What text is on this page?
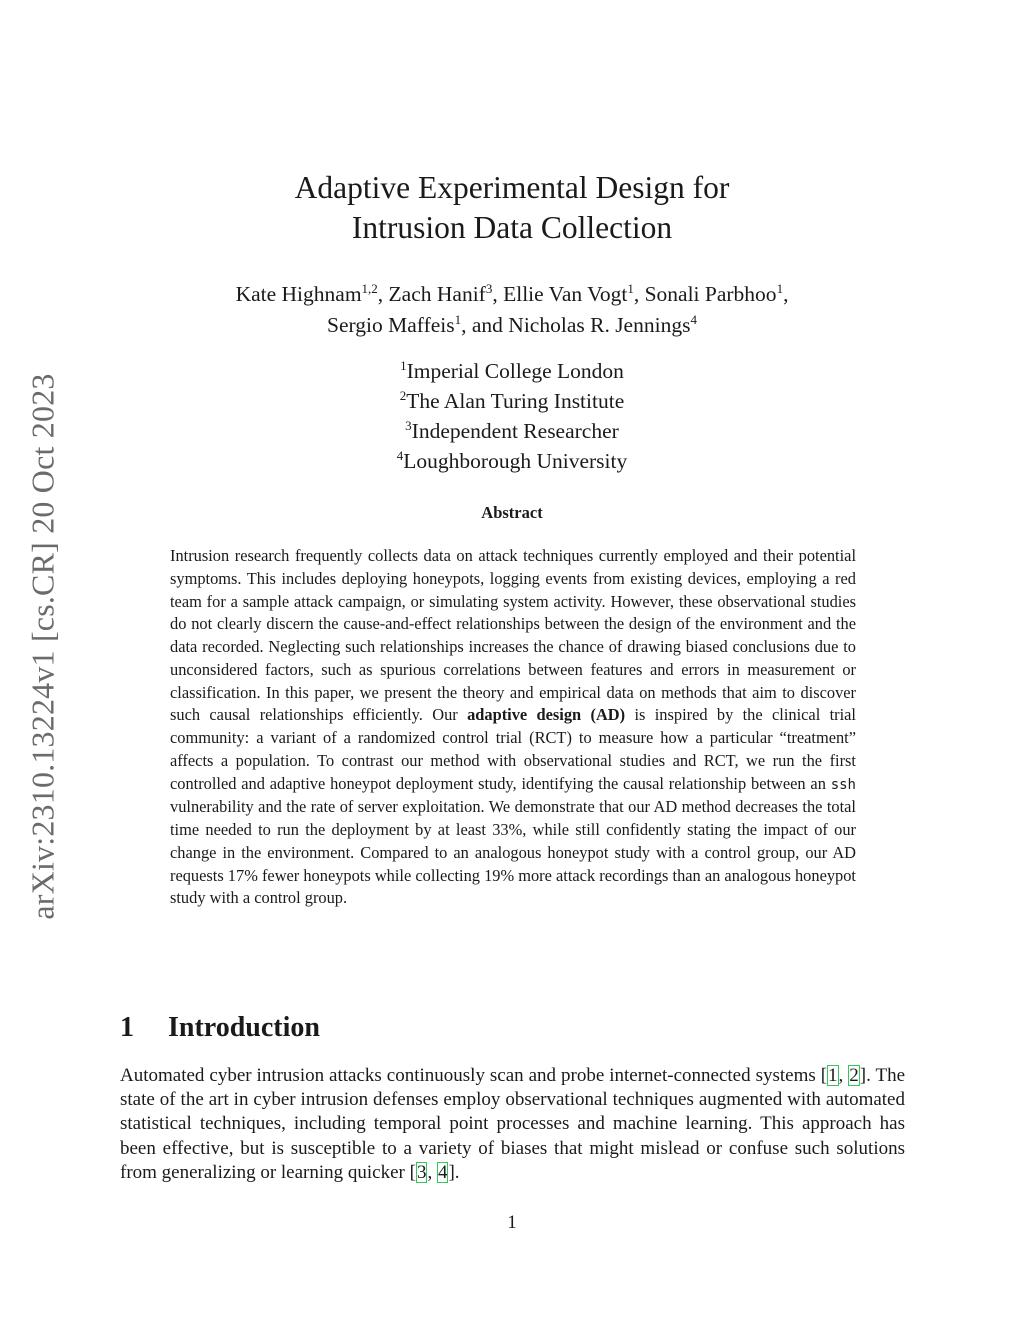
arXiv:2310.13224v1 [cs.CR] 20 Oct 2023
Adaptive Experimental Design for
Intrusion Data Collection
Kate Highnam$^{1,2}$, Zach Hanif$^3$, Ellie Van Vogt$^1$, Sonali Parbhoo$^1$,
Sergio Maffeis$^1$, and Nicholas R. Jennings$^4$
$^1$Imperial College London
$^2$The Alan Turing Institute
$^3$Independent Researcher
$^4$Loughborough University
Abstract

Intrusion research frequently collects data on attack techniques currently employed and their potential symptoms. This includes deploying honeypots, logging events from existing devices, employing a red team for a sample attack campaign, or simulating system activity. However, these observational studies do not clearly discern the cause-and-effect relationships between the design of the environment and the data recorded. Neglecting such relationships increases the chance of drawing biased conclusions due to unconsidered factors, such as spurious correlations between features and errors in measurement or classification. In this paper, we present the theory and empirical data on methods that aim to discover such causal relationships efficiently. Our adaptive design (AD) is inspired by the clinical trial community: a variant of a randomized control trial (RCT) to measure how a particular “treatment” affects a population. To contrast our method with observational studies and RCT, we run the first controlled and adaptive honeypot deployment study, identifying the causal relationship between an ssh vulnerability and the rate of server exploitation. We demonstrate that our AD method decreases the total time needed to run the deployment by at least 33%, while still confidently stating the impact of our change in the environment. Compared to an analogous honeypot study with a control group, our AD requests 17% fewer honeypots while collecting 19% more attack recordings than an analogous honeypot study with a control group.

1 Introduction

Automated cyber intrusion attacks continuously scan and probe internet-connected systems [1, 2]. The state of the art in cyber intrusion defenses employ observational techniques augmented with automated statistical techniques, including temporal point processes and machine learning. This approach has been effective, but is susceptible to a variety of biases that might mislead or confuse such solutions from generalizing or learning quicker [3, 4].

1
